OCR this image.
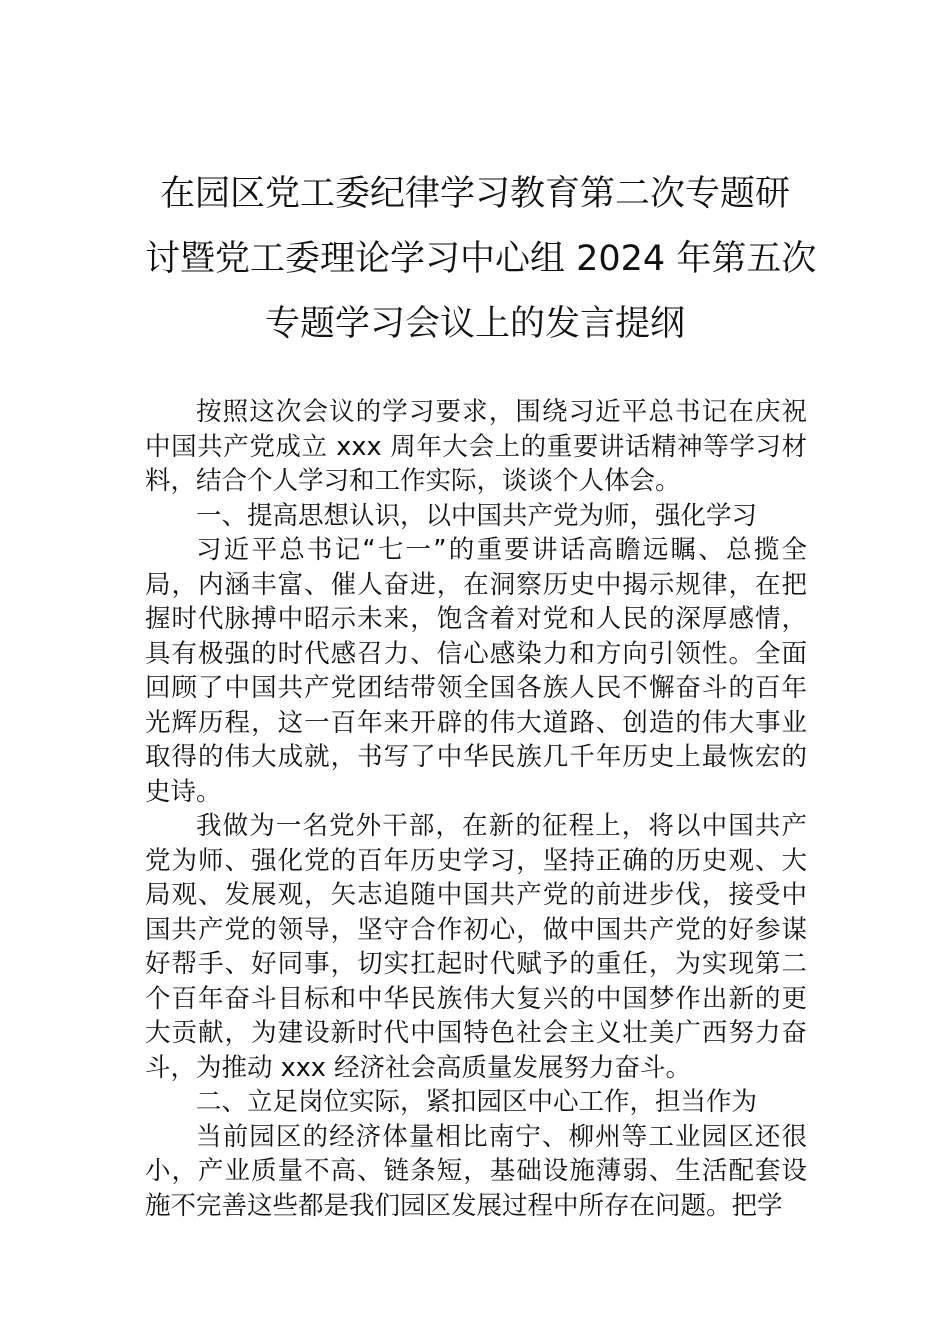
在园区党工委纪律学习教育第二次专题研
讨暨党工委理论学习中心组 2024 年第五次
专题学习会议上的发言提纲

按照这次会议的学习要求，围绕习近平总书记在庆祝中国共产党成立 xxx 周年大会上的重要讲话精神等学习材料，结合个人学习和工作实际，谈谈个人体会。

一、提高思想认识，以中国共产党为师，强化学习

习近平总书记“七一”的重要讲话高瞻远瞩、总揽全局，内涵丰富、催人奋进，在洞察历史中揭示规律，在把握时代脉搏中昭示未来，饱含着对党和人民的深厚感情，具有极强的时代感召力、信心感染力和方向引领性。全面回顾了中国共产党团结带领全国各族人民不懈奋斗的百年光辉历程，这一百年来开辟的伟大道路、创造的伟大事业取得的伟大成就，书写了中华民族几千年历史上最恢宏的史诗。

我做为一名党外干部，在新的征程上，将以中国共产党为师、强化党的百年历史学习，坚持正确的历史观、大局观、发展观，矢志追随中国共产党的前进步伐，接受中国共产党的领导，坚守合作初心，做中国共产党的好参谋好帮手、好同事，切实扛起时代赋予的重任，为实现第二个百年奋斗目标和中华民族伟大复兴的中国梦作出新的更大贡献，为建设新时代中国特色社会主义壮美广西努力奋斗，为推动 xxx 经济社会高质量发展努力奋斗。

二、立足岗位实际，紧扣园区中心工作，担当作为

当前园区的经济体量相比南宁、柳州等工业园区还很小，产业质量不高、链条短，基础设施薄弱、生活配套设施不完善这些都是我们园区发展过程中所存在问题。把学
